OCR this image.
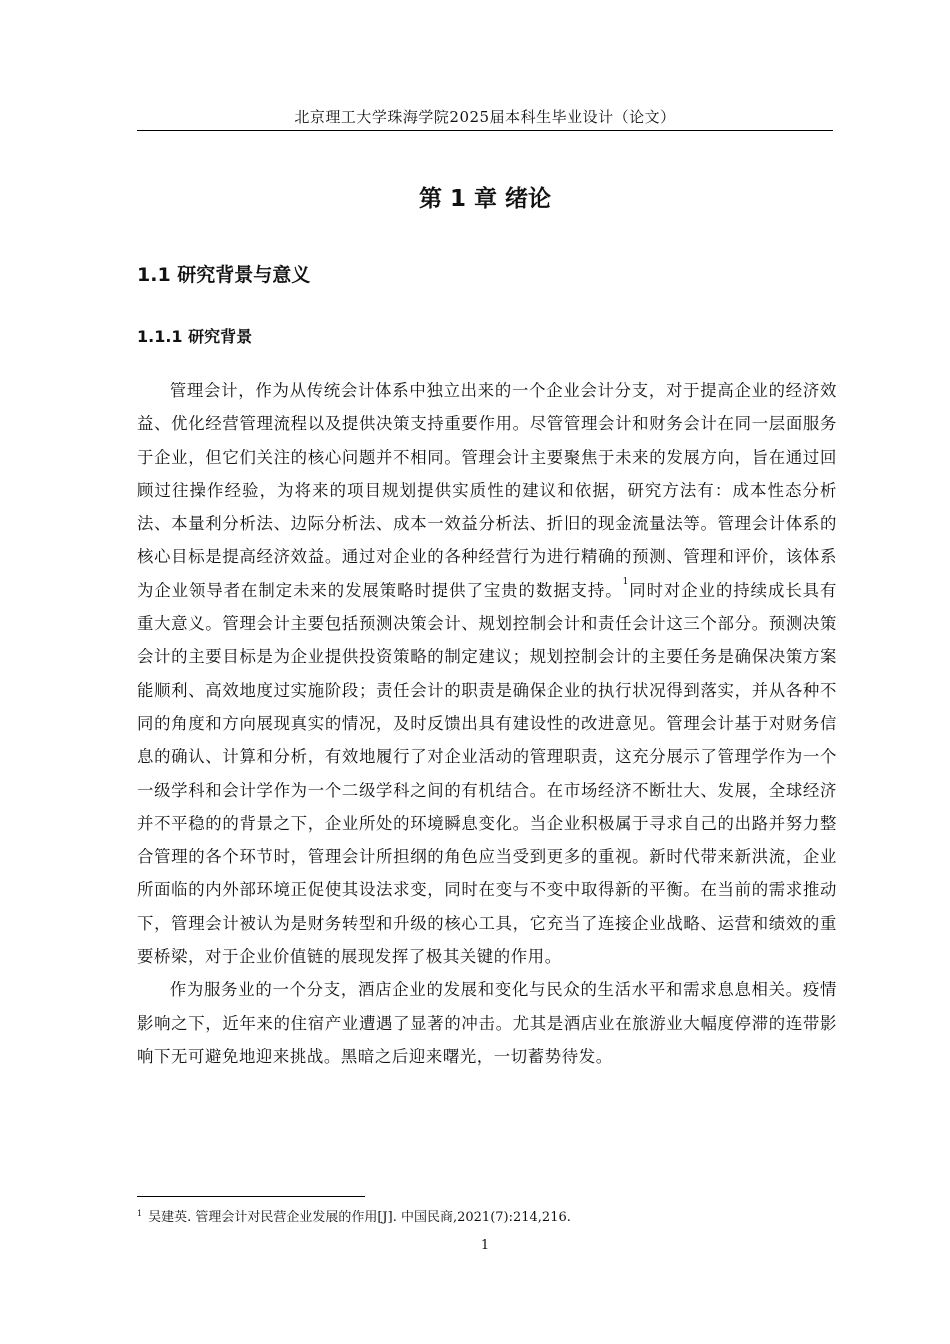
北京理工大学珠海学院2025届本科生毕业设计（论文）
第 1 章 绪论
1.1 研究背景与意义
1.1.1 研究背景

管理会计，作为从传统会计体系中独立出来的一个企业会计分支，对于提高企业的经济效益、优化经营管理流程以及提供决策支持重要作用。尽管管理会计和财务会计在同一层面服务于企业，但它们关注的核心问题并不相同。管理会计主要聚焦于未来的发展方向，旨在通过回顾过往操作经验，为将来的项目规划提供实质性的建议和依据，研究方法有：成本性态分析法、本量利分析法、边际分析法、成本一效益分析法、折旧的现金流量法等。管理会计体系的核心目标是提高经济效益。通过对企业的各种经营行为进行精确的预测、管理和评价，该体系为企业领导者在制定未来的发展策略时提供了宝贵的数据支持。$^1$同时对企业的持续成长具有重大意义。管理会计主要包括预测决策会计、规划控制会计和责任会计这三个部分。预测决策会计的主要目标是为企业提供投资策略的制定建议；规划控制会计的主要任务是确保决策方案能顺利、高效地度过实施阶段；责任会计的职责是确保企业的执行状况得到落实，并从各种不同的角度和方向展现真实的情况，及时反馈出具有建设性的改进意见。管理会计基于对财务信息的确认、计算和分析，有效地履行了对企业活动的管理职责，这充分展示了管理学作为一个一级学科和会计学作为一个二级学科之间的有机结合。在市场经济不断壮大、发展，全球经济并不平稳的的背景之下，企业所处的环境瞬息变化。当企业积极属于寻求自己的出路并努力整合管理的各个环节时，管理会计所担纲的角色应当受到更多的重视。新时代带来新洪流，企业所面临的内外部环境正促使其设法求变，同时在变与不变中取得新的平衡。在当前的需求推动下，管理会计被认为是财务转型和升级的核心工具，它充当了连接企业战略、运营和绩效的重要桥梁，对于企业价值链的展现发挥了极其关键的作用。

作为服务业的一个分支，酒店企业的发展和变化与民众的生活水平和需求息息相关。疫情影响之下，近年来的住宿产业遭遇了显著的冲击。尤其是酒店业在旅游业大幅度停滞的连带影响下无可避免地迎来挑战。黑暗之后迎来曙光，一切蓄势待发。

$^1$ 吴建英. 管理会计对民营企业发展的作用[J]. 中国民商,2021(7):214,216.
1
